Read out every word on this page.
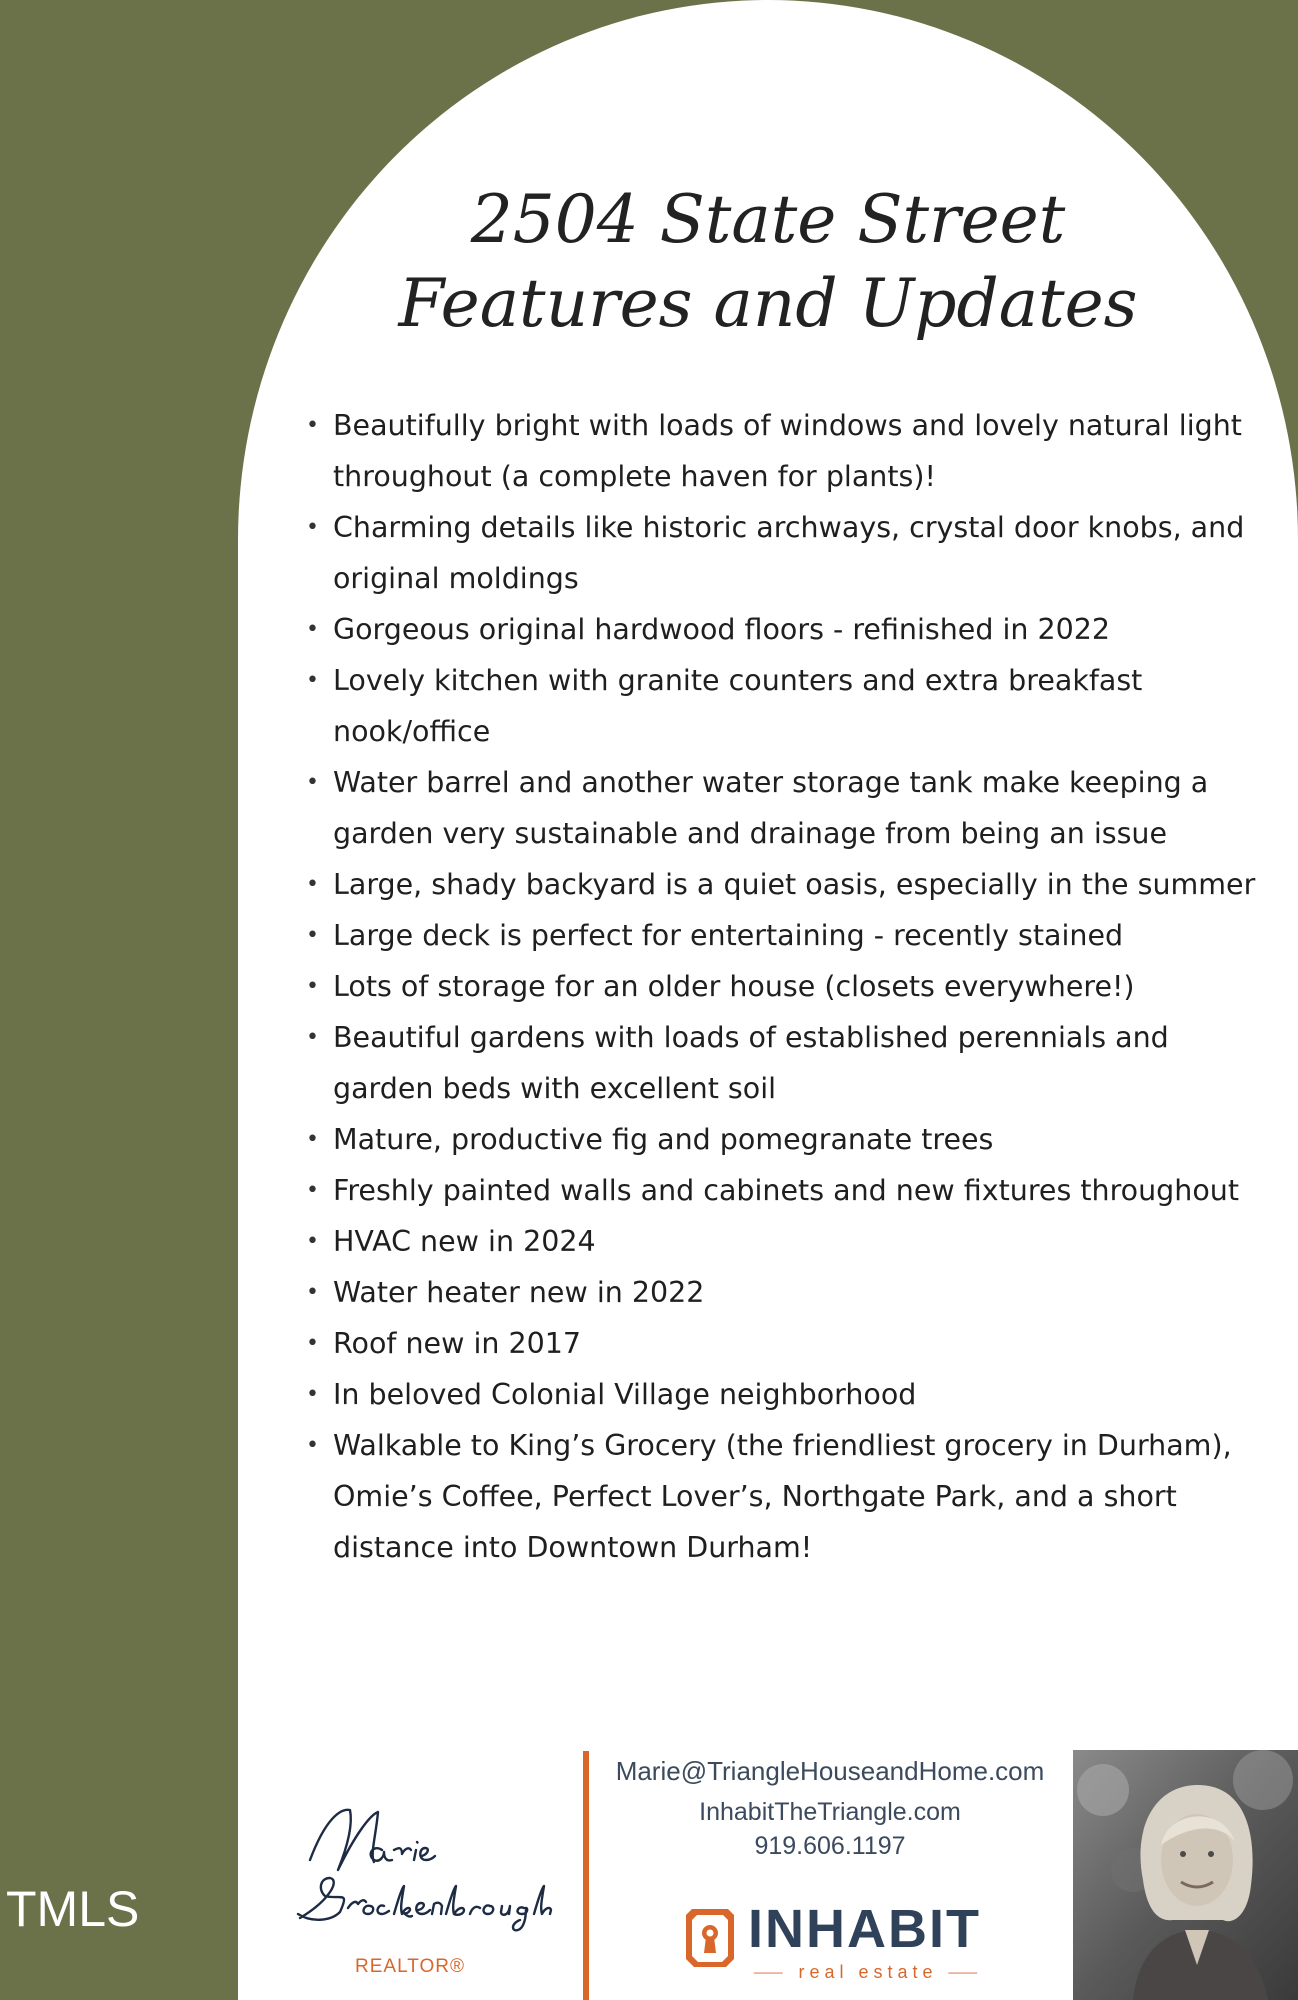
2504 State Street
Features and Updates
• Beautifully bright with loads of windows and lovely natural light throughout (a complete haven for plants)!
• Charming details like historic archways, crystal door knobs, and original moldings
• Gorgeous original hardwood floors - refinished in 2022
• Lovely kitchen with granite counters and extra breakfast nook/office
• Water barrel and another water storage tank make keeping a garden very sustainable and drainage from being an issue
• Large, shady backyard is a quiet oasis, especially in the summer
• Large deck is perfect for entertaining - recently stained
• Lots of storage for an older house (closets everywhere!)
• Beautiful gardens with loads of established perennials and garden beds with excellent soil
• Mature, productive fig and pomegranate trees
• Freshly painted walls and cabinets and new fixtures throughout
• HVAC new in 2024
• Water heater new in 2022
• Roof new in 2017
• In beloved Colonial Village neighborhood
• Walkable to King’s Grocery (the friendliest grocery in Durham), Omie’s Coffee, Perfect Lover’s, Northgate Park, and a short distance into Downtown Durham!
REALTOR®
Marie@TriangleHouseandHome.com
InhabitTheTriangle.com
919.606.1197
INHABIT
⸺ real estate ⸺
TMLS
